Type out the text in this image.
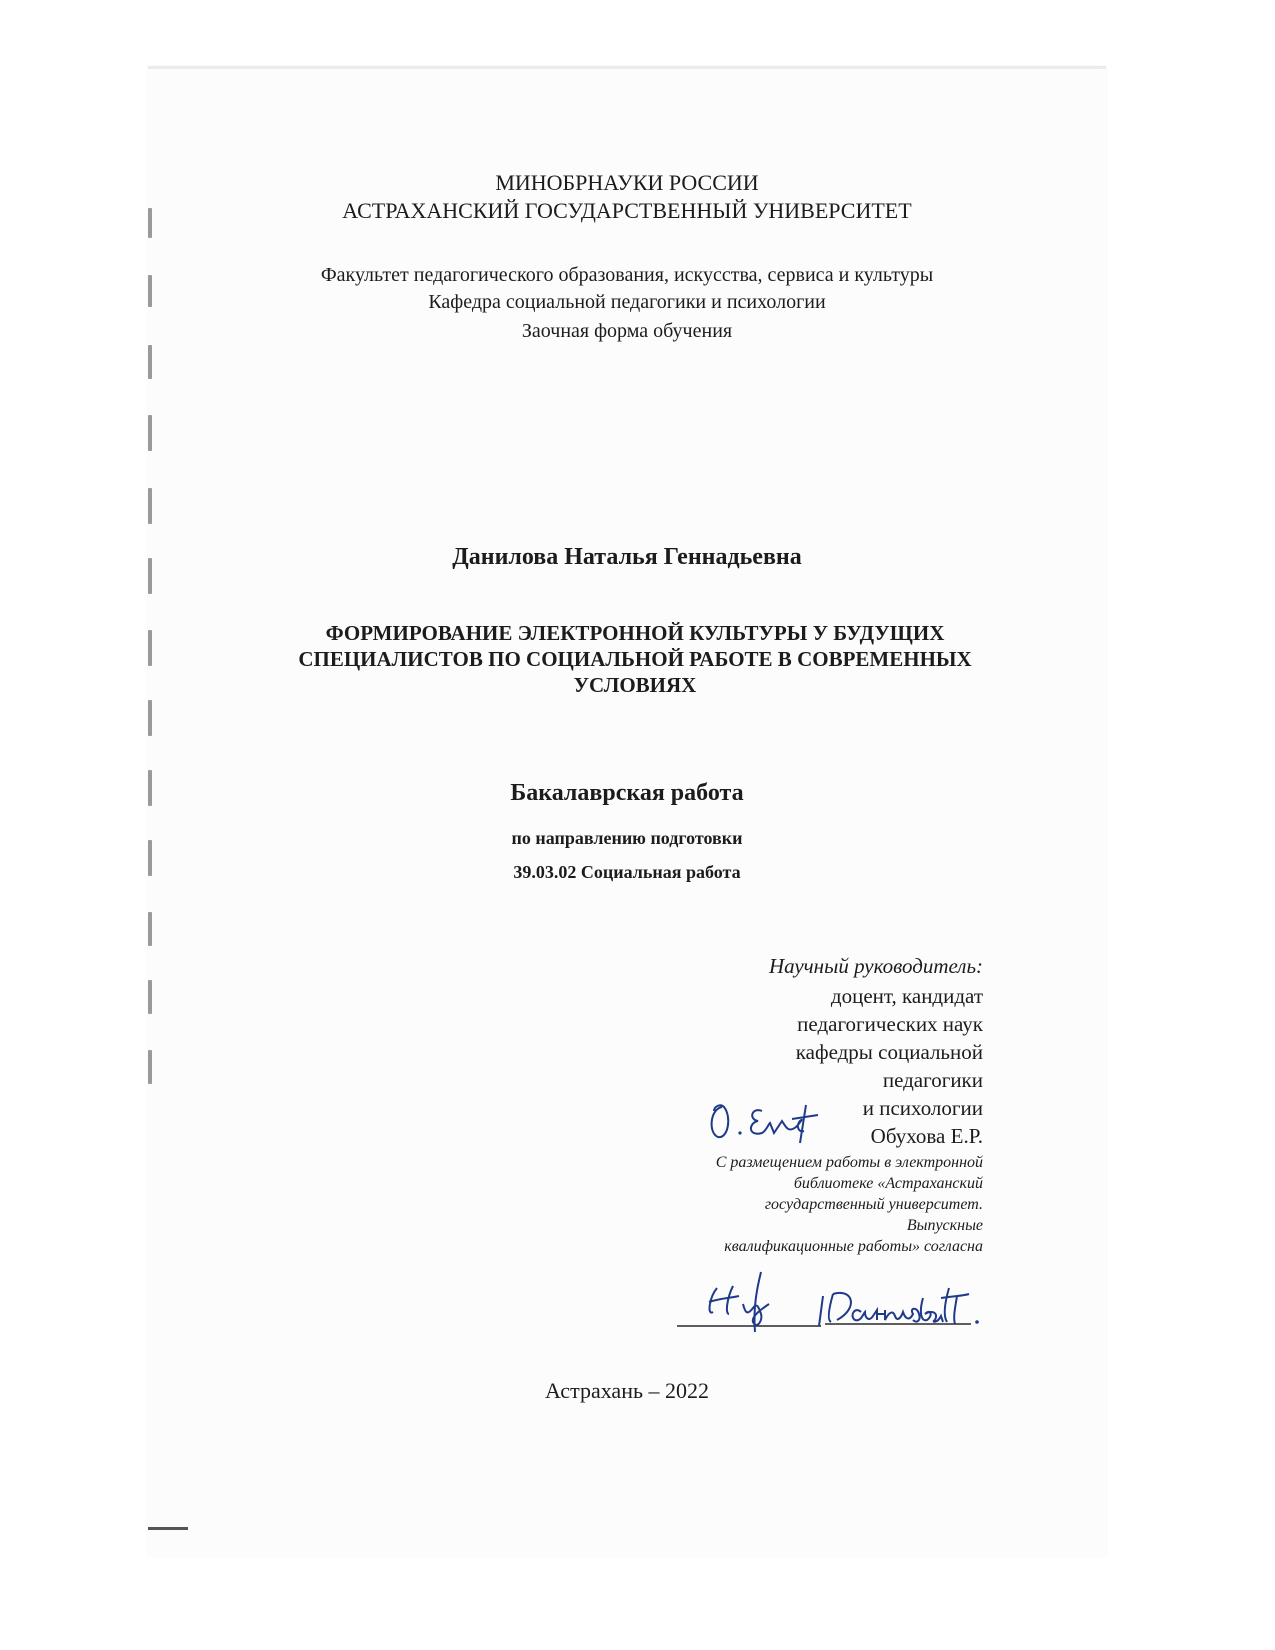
МИНОБРНАУКИ РОССИИ

АСТРАХАНСКИЙ ГОСУДАРСТВЕННЫЙ УНИВЕРСИТЕТ

Факультет педагогического образования, искусства, сервиса и культуры

Кафедра социальной педагогики и психологии

Заочная форма обучения

Данилова Наталья Геннадьевна

ФОРМИРОВАНИЕ ЭЛЕКТРОННОЙ КУЛЬТУРЫ У БУДУЩИХ СПЕЦИАЛИСТОВ ПО СОЦИАЛЬНОЙ РАБОТЕ В СОВРЕМЕННЫХ УСЛОВИЯХ

Бакалаврская работа

по направлению подготовки

39.03.02 Социальная работа

Научный руководитель:

доцент, кандидат

педагогических наук

кафедры социальной

педагогики

и психологии

Обухова Е.Р.

С размещением работы в электронной
библиотеке «Астраханский
государственный университет.
Выпускные
квалификационные работы» согласна

Астрахань – 2022
